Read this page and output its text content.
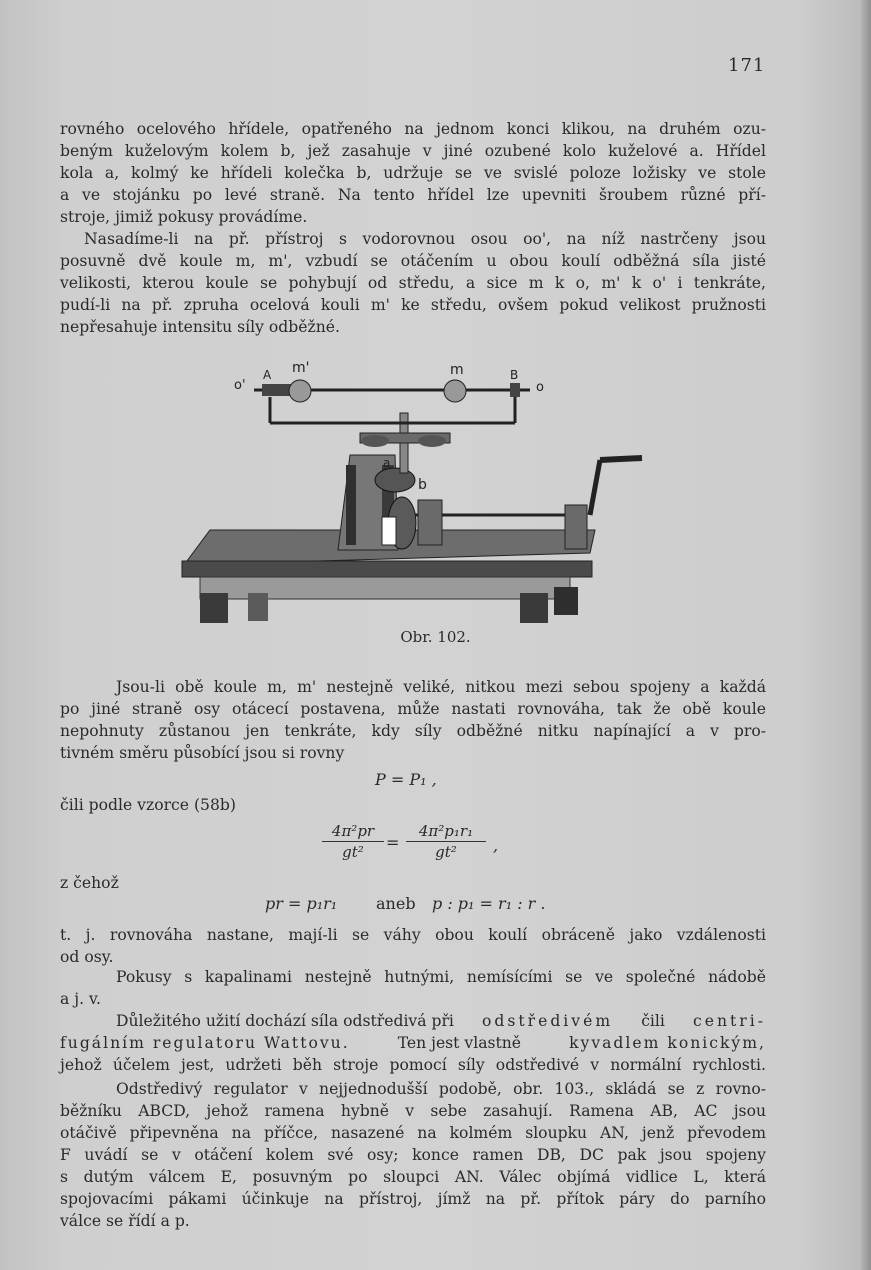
171
rovného ocelového hřídele, opatřeného na jednom konci klikou, na druhém ozu-
beným kuželovým kolem b, jež zasahuje v jiné ozubené kolo kuželové a. Hřídel
kola a, kolmý ke hřídeli kolečka b, udržuje se ve svislé poloze ložisky ve stole
a ve stojánku po levé straně. Na tento hřídel lze upevniti šroubem různé pří-
stroje, jimiž pokusy provádíme.
Nasadíme-li na př. přístroj s vodorovnou osou oo', na níž nastrčeny jsou
posuvně dvě koule m, m', vzbudí se otáčením u obou koulí odběžná síla jisté
velikosti, kterou koule se pohybují od středu, a sice m k o, m' k o' i tenkráte,
pudí-li na př. zpruha ocelová kouli m' ke středu, ovšem pokud velikost pružnosti
nepřesahuje intensitu síly odběžné.
o'
A m'	m	B
o
b
a
Obr. 102.
Jsou-li obě koule m, m' nestejně veliké, nitkou mezi sebou spojeny a každá
po jiné straně osy otácecí postavena, může nastati rovnováha, tak že obě koule
nepohnuty zůstanou jen tenkráte, kdy síly odběžné nitku napínající a v pro-
tivném směru působící jsou si rovny
P = P₁ ,
čili podle vzorce (58b)
$\frac{\text{4π²pr}}{\text{gt²}} = \frac{\text{4π²p₁r₁}}{\text{gt²}}$ ,
z čehož
pr = p₁r₁ aneb p : p₁ = r₁ : r .
t. j. rovnováha nastane, mají-li se váhy obou koulí obráceně jako vzdálenosti
od osy.
Pokusy s kapalinami nestejně hutnými, nemísícími se ve společné nádobě
a j. v.
Důležitého užití dochází síla odstředivá při odstředivém čili centri-
fugálním regulatoru Wattovu.	Ten jest vlastně	kyvadlem konickým,
jehož účelem jest, udržeti běh stroje pomocí síly odstředivé v normální rychlosti.
Odstředivý regulator v nejjednodušší podobě, obr. 103., skládá se z rovno-
běžníku ABCD, jehož ramena hybně v sebe zasahují. Ramena AB, AC jsou
otáčivě připevněna na příčce, nasazené na kolmém sloupku AN, jenž převodem
F uvádí se v otáčení kolem své osy; konce ramen DB, DC pak jsou spojeny
s dutým válcem E, posuvným po sloupci AN. Válec objímá vidlice L, která
spojovacími pákami účinkuje na přístroj, jímž na př. přítok páry do parního
válce se řídí a p.
